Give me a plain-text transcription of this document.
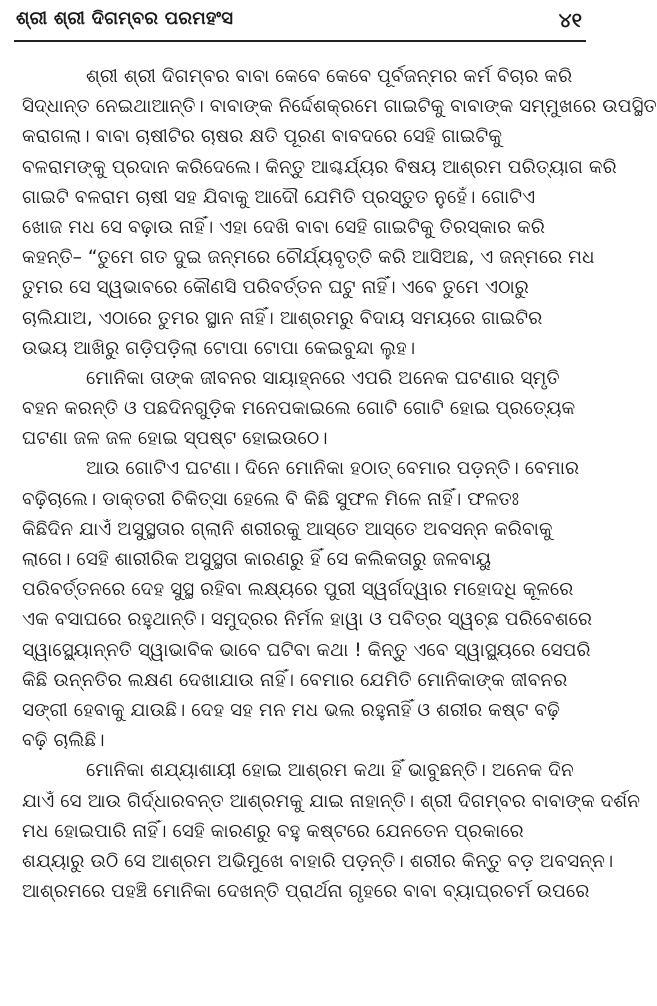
ଶ୍ରୀ ଶ୍ରୀ ଦିଗମ୍ବର ପରମହଂସ	୪୧
ଶ୍ରୀ ଶ୍ରୀ ଦିଗମ୍ବର ବାବା କେବେ କେବେ ପୂର୍ବଜନ୍ମର କର୍ମ ବିଚାର କରି
ସିଦ୍ଧାନ୍ତ ନେଇଥାଆନ୍ତି। ବାବାଙ୍କ ନିର୍ଦ୍ଦେଶକ୍ରମେ ଗାଇଟିକୁ ବାବାଙ୍କ ସମ୍ମୁଖରେ ଉପସ୍ଥିତ
କରାଗଲା। ବାବା ଚାଷୀଟିର ଚାଷର କ୍ଷତି ପୂରଣ ବାବଦରେ ସେହି ଗାଇଟିକୁ
ବଳରାମଙ୍କୁ ପ୍ରଦାନ କରିଦେଲେ। କିନ୍ତୁ ଆଶ୍ଚର୍ଯ୍ୟର ବିଷୟ ଆଶ୍ରମ ପରିତ୍ୟାଗ କରି
ଗାଇଟି ବଳରାମ ଚାଷୀ ସହ ଯିବାକୁ ଆଦୌ ଯେମିତି ପ୍ରସ୍ତୁତ ନୁହେଁ। ଗୋଟିଏ
ଖୋଜ ମଧ ସେ ବଢ଼ାଉ ନାହିଁ। ଏହା ଦେଖି ବାବା ସେହି ଗାଇଟିକୁ ତିରସ୍କାର କରି
କହନ୍ତି– “ତୁମେ ଗତ ଦୁଇ ଜନ୍ମରେ ଚୌର୍ଯ୍ୟବୃତ୍ତି କରି ଆସିଅଛ, ଏ ଜନ୍ମରେ ମଧ
ତୁମର ସେ ସ୍ୱଭାବରେ କୌଣସି ପରିବର୍ତ୍ତନ ଘଟୁ ନାହିଁ। ଏବେ ତୁମେ ଏଠାରୁ
ଚାଲିଯାଅ, ଏଠାରେ ତୁମର ସ୍ଥାନ ନାହିଁ। ଆଶ୍ରମରୁ ବିଦାୟ ସମୟରେ ଗାଇଟିର
ଉଭୟ ଆଖିରୁ ଗଡ଼ିପଡ଼ିଲା ଟୋପା ଟୋପା କେଇବୁନ୍ଦା ଲୁହ।
ମୋନିକା ତାଙ୍କ ଜୀବନର ସାୟାହ୍ନରେ ଏପରି ଅନେକ ଘଟଣାର ସ୍ମୃତି
ବହନ କରନ୍ତି ଓ ପଛଦିନଗୁଡ଼ିକ ମନେପକାଇଲେ ଗୋଟି ଗୋଟି ହୋଇ ପ୍ରତ୍ୟେକ
ଘଟଣା ଜଳ ଜଳ ହୋଇ ସ୍ପଷ୍ଟ ହୋଇଉଠେ।
ଆଉ ଗୋଟିଏ ଘଟଣା। ଦିନେ ମୋନିକା ହଠାତ୍ ବେମାର ପଡ଼ନ୍ତି। ବେମାର
ବଢ଼ିଚାଲେ। ଡାକ୍ତରୀ ଚିକିତ୍ସା ହେଲେ ବି କିଛି ସୁଫଳ ମିଳେ ନାହିଁ। ଫଳତଃ
କିଛିଦିନ ଯାଏଁ ଅସୁସ୍ଥତାର ଗ୍ଲାନି ଶରୀରକୁ ଆସ୍ତେ ଆସ୍ତେ ଅବସନ୍ନ କରିବାକୁ
ଲାଗେ। ସେହି ଶାରୀରିକ ଅସୁସ୍ଥତା କାରଣରୁ ହିଁ ସେ କଲିକତାରୁ ଜଳବାୟୁ
ପରିବର୍ତ୍ତନରେ ଦେହ ସୁସ୍ଥ ରହିବା ଲକ୍ଷ୍ୟରେ ପୁରୀ ସ୍ୱର୍ଗଦ୍ୱାର ମହୋଦଧି କୂଳରେ
ଏକ ବସାଘରେ ରହୁଥାନ୍ତି। ସମୁଦ୍ରର ନିର୍ମଳ ହାୱା ଓ ପବିତ୍ର ସ୍ୱଚ୍ଛ ପରିବେଶରେ
ସ୍ୱାସ୍ଥ୍ୟୋନ୍ନତି ସ୍ୱାଭାବିକ ଭାବେ ଘଟିବା କଥା ! କିନ୍ତୁ ଏବେ ସ୍ୱାସ୍ଥ୍ୟରେ ସେପରି
କିଛି ଉନ୍ନତିର ଲକ୍ଷଣ ଦେଖାଯାଉ ନାହିଁ। ବେମାର ଯେମିତି ମୋନିକାଙ୍କ ଜୀବନର
ସଙ୍ଗୀ ହେବାକୁ ଯାଉଛି। ଦେହ ସହ ମନ ମଧ ଭଲ ରହୁନାହିଁ ଓ ଶରୀର କଷ୍ଟ ବଢ଼ି
ବଢ଼ି ଚାଲିଛି।
ମୋନିକା ଶଯ୍ୟାଶାୟୀ ହୋଇ ଆଶ୍ରମ କଥା ହିଁ ଭାବୁଛନ୍ତି। ଅନେକ ଦିନ
ଯାଏଁ ସେ ଆଉ ଗିର୍ଦ୍ଧାରବନ୍ତ ଆଶ୍ରମକୁ ଯାଇ ନାହାନ୍ତି। ଶ୍ରୀ ଦିଗମ୍ବର ବାବାଙ୍କ ଦର୍ଶନ
ମଧ ହୋଇପାରି ନାହିଁ। ସେହି କାରଣରୁ ବହୁ କଷ୍ଟରେ ଯେନତେନ ପ୍ରକାରେ
ଶଯ୍ୟାରୁ ଉଠି ସେ ଆଶ୍ରମ ଅଭିମୁଖେ ବାହାରି ପଡ଼ନ୍ତି। ଶରୀର କିନ୍ତୁ ବଡ଼ ଅବସନ୍ନ।
ଆଶ୍ରମରେ ପହଞ୍ଚି ମୋନିକା ଦେଖନ୍ତି ପ୍ରାର୍ଥନା ଗୃହରେ ବାବା ବ୍ୟାଘ୍ରଚର୍ମ ଉପରେ
